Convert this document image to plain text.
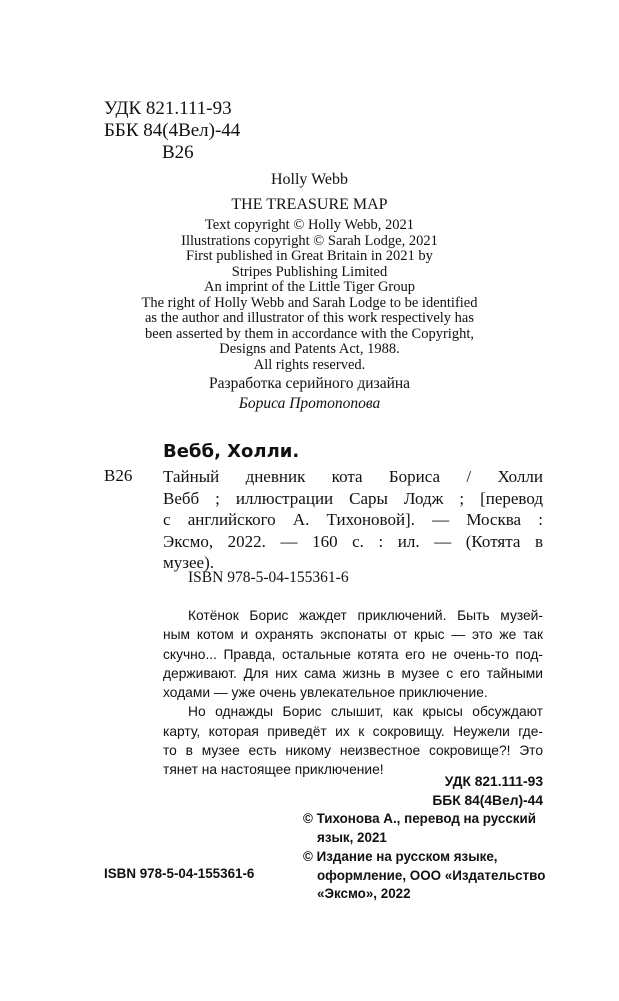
УДК 821.111-93
ББК 84(4Вел)-44
В26
Holly Webb
THE TREASURE MAP
Text copyright © Holly Webb, 2021
Illustrations copyright © Sarah Lodge, 2021
First published in Great Britain in 2021 by
Stripes Publishing Limited
An imprint of the Little Tiger Group
The right of Holly Webb and Sarah Lodge to be identified
as the author and illustrator of this work respectively has
been asserted by them in accordance with the Copyright,
Designs and Patents Act, 1988.
All rights reserved.
Разработка серийного дизайна
Бориса Протопопова
Вебб, Холли.
В26 Тайный дневник кота Бориса / Холли
Вебб ; иллюстрации Сары Лодж ; [перевод
с английского А. Тихоновой]. — Москва :
Эксмо, 2022. — 160 с. : ил. — (Котята в
музее).
ISBN 978-5-04-155361-6
Котёнок Борис жаждет приключений. Быть музей-
ным котом и охранять экспонаты от крыс — это же так
скучно... Правда, остальные котята его не очень-то под-
держивают. Для них сама жизнь в музее с его тайными
ходами — уже очень увлекательное приключение.
Но однажды Борис слышит, как крысы обсуждают
карту, которая приведёт их к сокровищу. Неужели где-
то в музее есть никому неизвестное сокровище?! Это
тянет на настоящее приключение!
УДК 821.111-93
ББК 84(4Вел)-44
© Тихонова А., перевод на русский
язык, 2021
© Издание на русском языке,
оформление, ООО «Издательство
«Эксмо», 2022
ISBN 978-5-04-155361-6
